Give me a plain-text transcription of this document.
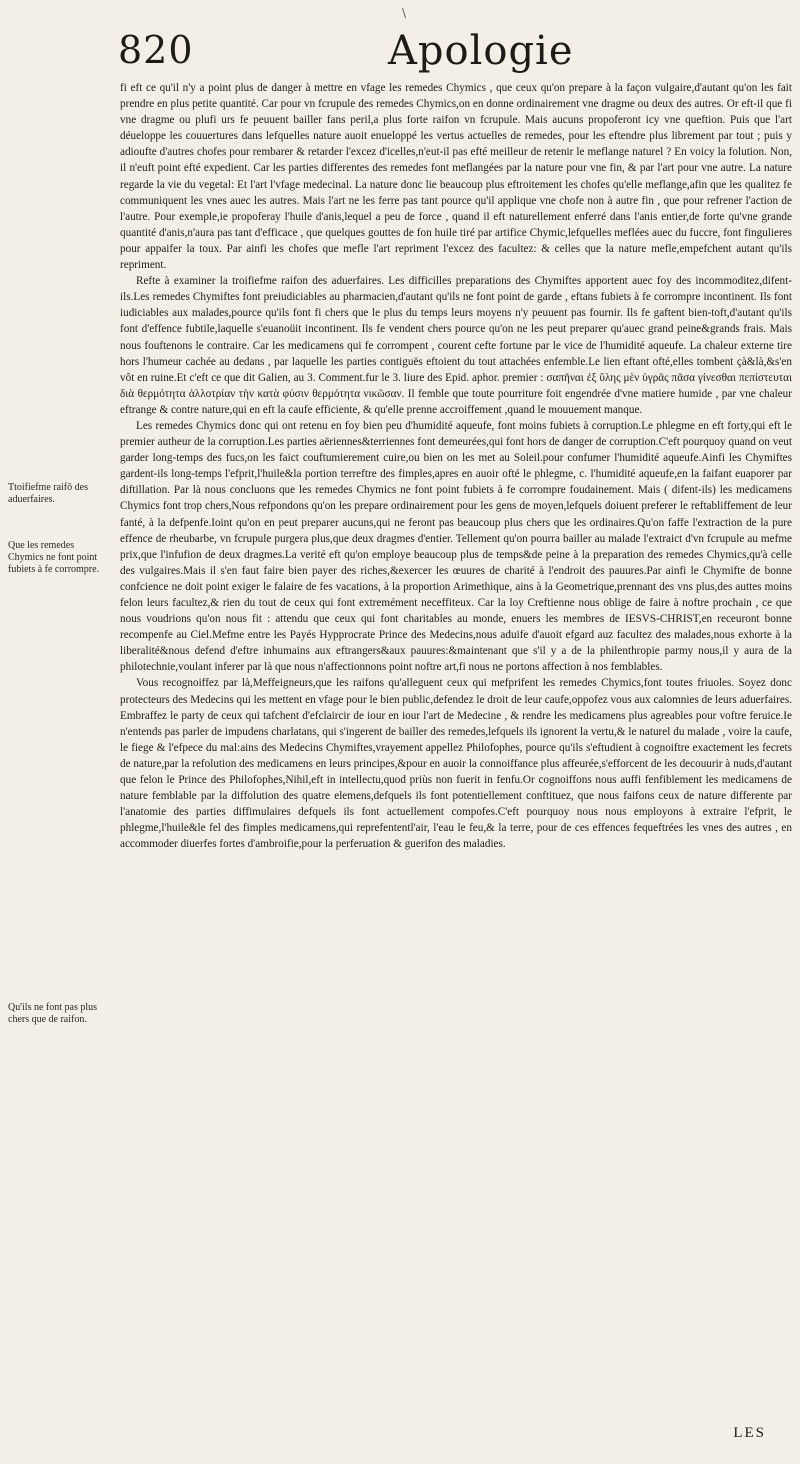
\
820	Apologie
Ttoifiefme raifō des aduerfaires.
Que les remedes Chymics ne font point fubiets à fe corrompre.
Qu'ils ne font pas plus chers que de raifon.

fi eft ce qu'il n'y a point plus de danger à mettre en vfage les remedes Chymics , que ceux qu'on prepare à la façon vulgaire,d'autant qu'on les fait prendre en plus petite quantité. Car pour vn fcrupule des remedes Chymics,on en donne ordinairement vne dragme ou deux des autres. Or eft-il que fi vne dragme ou plufi urs fe peuuent bailler fans peril,a plus forte raifon vn fcrupule. Mais aucuns propoferont icy vne queftion. Puis que l'art déueloppe les couuertures dans lefquelles nature auoit enueloppé les vertus actuelles de remedes, pour les eftendre plus librement par tout ; puis y adioufte d'autres chofes pour rembarer & retarder l'excez d'icelles,n'eut-il pas efté meilleur de retenir le meflange naturel ? En voicy la folution. Non, il n'euft point efté expedient. Car les parties differentes des remedes font meflangées par la nature pour vne fin, & par l'art pour vne autre. La nature regarde la vie du vegetal: Et l'art l'vfage medecinal. La nature donc lie beaucoup plus eftroitement les chofes qu'elle meflange,afin que les qualitez fe communiquent les vnes auec les autres. Mais l'art ne les ferre pas tant pource qu'il applique vne chofe non à autre fin , que pour refrener l'action de l'autre. Pour exemple,ie propoferay l'huile d'anis,lequel a peu de force , quand il eft naturellement enferré dans l'anis entier,de forte qu'vne grande quantité d'anis,n'aura pas tant d'efficace , que quelques gouttes de fon huile tiré par artifice Chymic,lefquelles meflées auec du fuccre, font fingulieres pour appaifer la toux. Par ainfi les chofes que mefle l'art repriment l'excez des facultez: & celles que la nature mefle,empefchent autant qu'ils repriment.

Refte à examiner la troifiefme raifon des aduerfaires. Les difficilles preparations des Chymiftes apportent auec foy des incommoditez,difent-ils.Les remedes Chymiftes font preiudiciables au pharmacien,d'autant qu'ils ne font point de garde , eftans fubiets à fe corrompre incontinent. Ils font iudiciables aux malades,pource qu'ils font fi chers que le plus du temps leurs moyens n'y peuuent pas fournir. Ils fe gaftent bien-toft,d'autant qu'ils font d'effence fubtile,laquelle s'euanoüit incontinent. Ils fe vendent chers pource qu'on ne les peut preparer qu'auec grand peine&grands frais. Mais nous fouftenons le contraire. Car les medicamens qui fe corrompent , courent cefte fortune par le vice de l'humidité aqueufe. La chaleur externe tire hors l'humeur cachée au dedans , par laquelle les parties contiguës eftoient du tout attachées enfemble.Le lien eftant ofté,elles tombent çà&là,&s'en vôt en ruine.Et c'eft ce que dit Galien, au 3. Comment.fur le 3. liure des Epid. aphor. premier : σαπῆναι ἐξ ὕλης μὲν ὑγρᾶς πᾶσα γίνεσθαι πεπίστευται διὰ θερμότητα ἀλλοτρίαν τὴν κατὰ φύσιν θερμότητα νικῶσαν. Il femble que toute pourriture foit engendrée d'vne matiere humide , par vne chaleur eftrange & contre nature,qui en eft la caufe efficiente, & qu'elle prenne accroiffement ,quand le mouuement manque.

Les remedes Chymics donc qui ont retenu en foy bien peu d'humidité aqueufe, font moins fubiets à corruption.Le phlegme en eft forty,qui eft le premier autheur de la corruption.Les parties aëriennes&terriennes font demeurées,qui font hors de danger de corruption.C'eft pourquoy quand on veut garder long-temps des fucs,on les faict couftumierement cuire,ou bien on les met au Soleil.pour confumer l'humidité aqueufe.Ainfi les Chymiftes gardent-ils long-temps l'efprit,l'huile&la portion terreftre des fimples,apres en auoir ofté le phlegme, c. l'humidité aqueufe,en la faifant euaporer par diftillation. Par là nous concluons que les remedes Chymics ne font point fubiets à fe corrompre foudainement. Mais ( difent-ils) les medicamens Chymics font trop chers,Nous refpondons qu'on les prepare ordinairement pour les gens de moyen,lefquels doiuent preferer le reftabliffement de leur fanté, à la defpenfe.Ioint qu'on en peut preparer aucuns,qui ne feront pas beaucoup plus chers que les ordinaires.Qu'on faffe l'extraction de la pure effence de rheubarbe, vn fcrupule purgera plus,que deux dragmes d'entier. Tellement qu'on pourra bailler au malade l'extraict d'vn fcrupule au mefme prix,que l'infufion de deux dragmes.La verité eft qu'on employe beaucoup plus de temps&de peine à la preparation des remedes Chymics,qu'à celle des vulgaires.Mais il s'en faut faire bien payer des riches,&exercer les œuures de charité à l'endroit des pauures.Par ainfi le Chymifte de bonne confcience ne doit point exiger le falaire de fes vacations, à la proportion Arimethique, ains à la Geometrique,prennant des vns plus,des auttes moins felon leurs facultez,& rien du tout de ceux qui font extremément neceffiteux. Car la loy Creftienne nous oblige de faire à noftre prochain , ce que nous voudrions qu'on nous fit : attendu que ceux qui font charitables au monde, enuers les membres de IESVS-CHRIST,en receuront bonne recompenfe au Ciel.Mefme entre les Payés Hypprocrate Prince des Medecins,nous aduife d'auoit efgard auz facultez des malades,nous exhorte à la liberalité&nous defend d'eftre inhumains aux eftrangers&aux pauures:&maintenant que s'il y a de la philenthropie parmy nous,il y aura de la philotechnie,voulant inferer par là que nous n'affectionnons point noftre art,fi nous ne portons affection à nos femblables.

Vous recognoiffez par là,Meffeigneurs,que les raifons qu'alleguent ceux qui mefprifent les remedes Chymics,font toutes friuoles. Soyez donc protecteurs des Medecins qui les mettent en vfage pour le bien public,defendez le droit de leur caufe,oppofez vous aux calomnies de leurs aduerfaires. Embraffez le party de ceux qui tafchent d'efclaircir de iour en iour l'art de Medecine , & rendre les medicamens plus agreables pour voftre feruice.Ie n'entends pas parler de impudens charlatans, qui s'ingerent de bailler des remedes,lefquels ils ignorent la vertu,& le naturel du malade , voire la caufe, le fiege & l'efpece du mal:ains des Medecins Chymiftes,vrayement appellez Philofophes, pource qu'ils s'eftudient à cognoiftre exactement les fecrets de nature,par la refolution des medicamens en leurs principes,&pour en auoir la connoiffance plus affeurée,s'efforcent de les decouurir à nuds,d'autant que felon le Prince des Philofophes,Nihil,eft in intellectu,quod priùs non fuerit in fenfu.Or cognoiffons nous auffi fenfiblement les medicamens de nature femblable par la diffolution des quatre elemens,defquels ils font potentiellement conftituez, que nous faifons ceux de nature differente par l'anatomie des parties diffimulaires defquels ils font actuellement compofes.C'eft pourquoy nous nous employons à extraire l'efprit, le phlegme,l'huile&le fel des fimples medicamens,qui reprefententl'air, l'eau le feu,& la terre, pour de ces effences fequeftrées les vnes des autres , en accommoder diuerfes fortes d'ambroifie,pour la perferuation & guerifon des maladies.

LES
